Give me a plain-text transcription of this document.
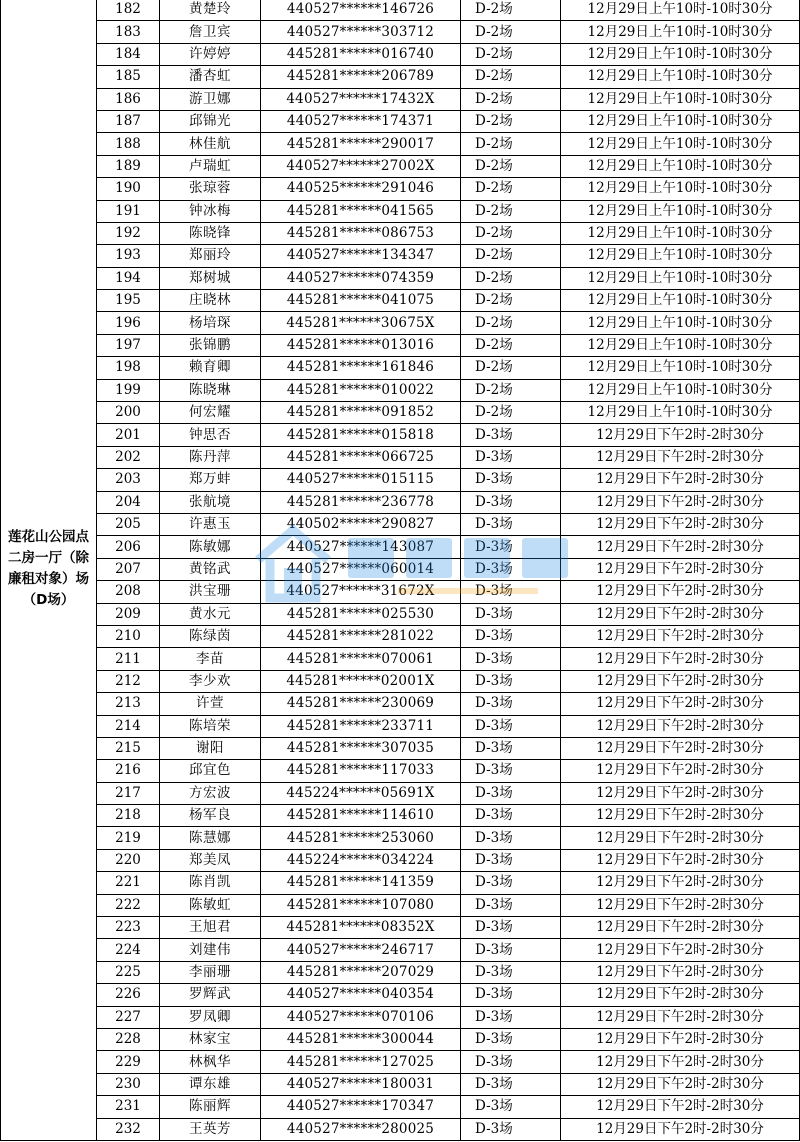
莲花山公园点二房一厅（除廉租对象）场（D场）	182	黄楚玲	440527******146726	D-2场	12月29日上午10时-10时30分
	183	詹卫宾	440527******303712	D-2场	12月29日上午10时-10时30分
	184	许婷婷	445281******016740	D-2场	12月29日上午10时-10时30分
	185	潘杏虹	445281******206789	D-2场	12月29日上午10时-10时30分
	186	游卫娜	440527******17432X	D-2场	12月29日上午10时-10时30分
	187	邱锦光	440527******174371	D-2场	12月29日上午10时-10时30分
	188	林佳航	445281******290017	D-2场	12月29日上午10时-10时30分
	189	卢瑞虹	440527******27002X	D-2场	12月29日上午10时-10时30分
	190	张琼蓉	440525******291046	D-2场	12月29日上午10时-10时30分
	191	钟冰梅	445281******041565	D-2场	12月29日上午10时-10时30分
	192	陈晓锋	445281******086753	D-2场	12月29日上午10时-10时30分
	193	郑丽玲	440527******134347	D-2场	12月29日上午10时-10时30分
	194	郑树城	440527******074359	D-2场	12月29日上午10时-10时30分
	195	庄晓林	445281******041075	D-2场	12月29日上午10时-10时30分
	196	杨培琛	445281******30675X	D-2场	12月29日上午10时-10时30分
	197	张锦鹏	445281******013016	D-2场	12月29日上午10时-10时30分
	198	赖育卿	445281******161846	D-2场	12月29日上午10时-10时30分
	199	陈晓琳	445281******010022	D-2场	12月29日上午10时-10时30分
	200	何宏耀	445281******091852	D-2场	12月29日上午10时-10时30分
	201	钟思否	445281******015818	D-3场	12月29日下午2时-2时30分
	202	陈丹萍	445281******066725	D-3场	12月29日下午2时-2时30分
	203	郑万蚌	440527******015115	D-3场	12月29日下午2时-2时30分
	204	张航境	445281******236778	D-3场	12月29日下午2时-2时30分
	205	许惠玉	440502******290827	D-3场	12月29日下午2时-2时30分
	206	陈敏娜	440527******143087	D-3场	12月29日下午2时-2时30分
	207	黄铭武	440527******060014	D-3场	12月29日下午2时-2时30分
	208	洪宝珊	440527******31672X	D-3场	12月29日下午2时-2时30分
	209	黄水元	445281******025530	D-3场	12月29日下午2时-2时30分
	210	陈绿茵	445281******281022	D-3场	12月29日下午2时-2时30分
	211	李苗	445281******070061	D-3场	12月29日下午2时-2时30分
	212	李少欢	445281******02001X	D-3场	12月29日下午2时-2时30分
	213	许萱	445281******230069	D-3场	12月29日下午2时-2时30分
	214	陈培荣	445281******233711	D-3场	12月29日下午2时-2时30分
	215	谢阳	445281******307035	D-3场	12月29日下午2时-2时30分
	216	邱宜色	445281******117033	D-3场	12月29日下午2时-2时30分
	217	方宏波	445224******05691X	D-3场	12月29日下午2时-2时30分
	218	杨军良	445281******114610	D-3场	12月29日下午2时-2时30分
	219	陈慧娜	445281******253060	D-3场	12月29日下午2时-2时30分
	220	郑美凤	445224******034224	D-3场	12月29日下午2时-2时30分
	221	陈肖凯	445281******141359	D-3场	12月29日下午2时-2时30分
	222	陈敏虹	445281******107080	D-3场	12月29日下午2时-2时30分
	223	王旭君	445281******08352X	D-3场	12月29日下午2时-2时30分
	224	刘建伟	440527******246717	D-3场	12月29日下午2时-2时30分
	225	李丽珊	445281******207029	D-3场	12月29日下午2时-2时30分
	226	罗辉武	440527******040354	D-3场	12月29日下午2时-2时30分
	227	罗凤卿	440527******070106	D-3场	12月29日下午2时-2时30分
	228	林家宝	445281******300044	D-3场	12月29日下午2时-2时30分
	229	林枫华	445281******127025	D-3场	12月29日下午2时-2时30分
	230	谭东雄	440527******180031	D-3场	12月29日下午2时-2时30分
	231	陈丽辉	440527******170347	D-3场	12月29日下午2时-2时30分
	232	王英芳	440527******280025	D-3场	12月29日下午2时-2时30分
